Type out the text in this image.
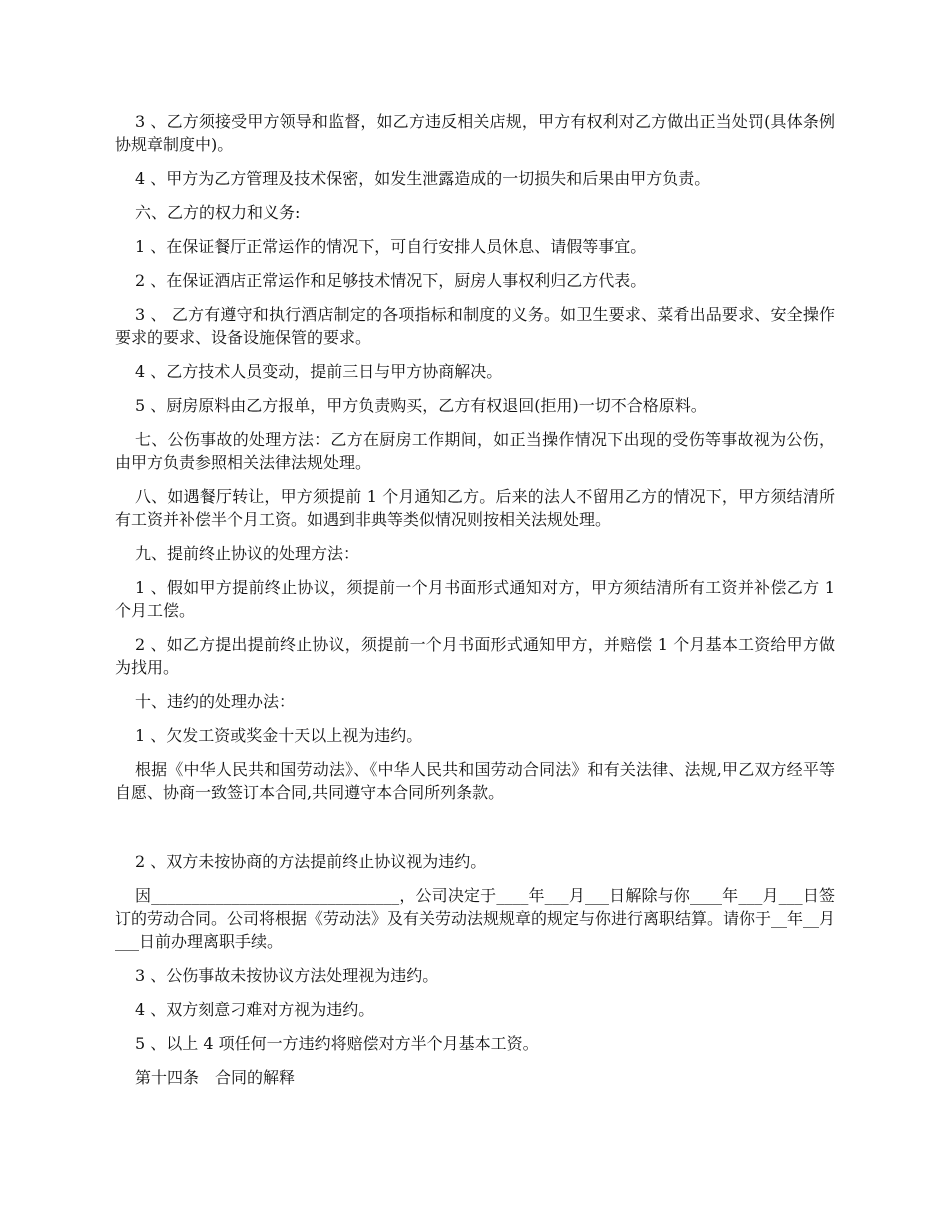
3 、乙方须接受甲方领导和监督，如乙方违反相关店规，甲方有权利对乙方做出正当处罚(具体条例协规章制度中)。

4 、甲方为乙方管理及技术保密，如发生泄露造成的一切损失和后果由甲方负责。

六、乙方的权力和义务:

1 、在保证餐厅正常运作的情况下，可自行安排人员休息、请假等事宜。

2 、在保证酒店正常运作和足够技术情况下，厨房人事权利归乙方代表。

3 、 乙方有遵守和执行酒店制定的各项指标和制度的义务。如卫生要求、菜肴出品要求、安全操作要求的要求、设备设施保管的要求。

4 、乙方技术人员变动，提前三日与甲方协商解决。

5 、厨房原料由乙方报单，甲方负责购买，乙方有权退回(拒用)一切不合格原料。

七、公伤事故的处理方法：乙方在厨房工作期间，如正当操作情况下出现的受伤等事故视为公伤，由甲方负责参照相关法律法规处理。

八、如遇餐厅转让，甲方须提前 1 个月通知乙方。后来的法人不留用乙方的情况下，甲方须结清所有工资并补偿半个月工资。如遇到非典等类似情况则按相关法规处理。

九、提前终止协议的处理方法：

1 、假如甲方提前终止协议，须提前一个月书面形式通知对方，甲方须结清所有工资并补偿乙方 1 个月工偿。

2 、如乙方提出提前终止协议，须提前一个月书面形式通知甲方，并赔偿 1 个月基本工资给甲方做为找用。

十、违约的处理办法：

1 、欠发工资或奖金十天以上视为违约。

根据《中华人民共和国劳动法》、《中华人民共和国劳动合同法》和有关法律、法规,甲乙双方经平等自愿、协商一致签订本合同,共同遵守本合同所列条款。

2 、双方未按协商的方法提前终止协议视为违约。

因_______________________________，公司决定于____年___月___日解除与你____年___月___日签订的劳动合同。公司将根据《劳动法》及有关劳动法规规章的规定与你进行离职结算。请你于__年__月___日前办理离职手续。

3 、公伤事故未按协议方法处理视为违约。

4 、双方刻意刁难对方视为违约。

5 、以上 4 项任何一方违约将赔偿对方半个月基本工资。

第十四条　合同的解释
